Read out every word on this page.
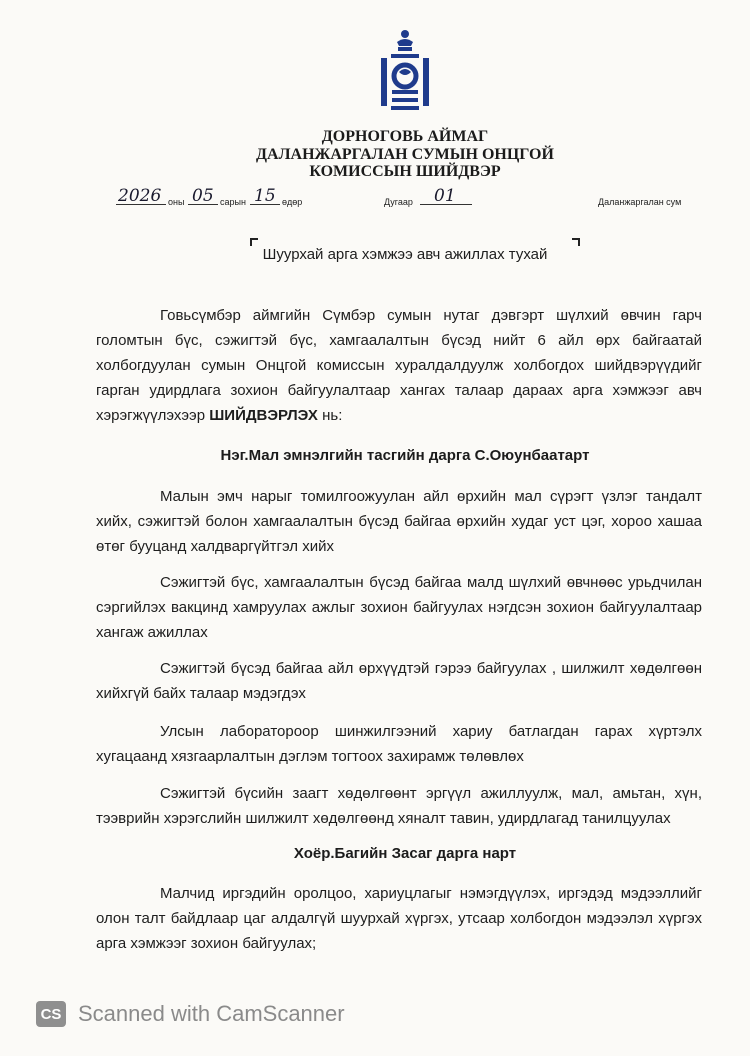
ДОРНОГОВЬ АЙМАГ
ДАЛАНЖАРГАЛАН СУМЫН ОНЦГОЙ
КОМИССЫН ШИЙДВЭР
2026 оны 05 сарын 15 өдөр	Дугаар 01	Даланжаргалан сум
Шуурхай арга хэмжээ авч ажиллах тухай

Говьсүмбэр аймгийн Сүмбэр сумын нутаг дэвгэрт шүлхий өвчин гарч голомтын бүс, сэжигтэй бүс, хамгаалалтын бүсэд нийт 6 айл өрх байгаатай холбогдуулан сумын Онцгой комиссын хуралдалдуулж холбогдох шийдвэрүүдийг гарган удирдлага зохион байгуулалтаар хангах талаар дараах арга хэмжээг авч хэрэгжүүлэхээр ШИЙДВЭРЛЭХ нь:

Нэг.Мал эмнэлгийн тасгийн дарга С.Оюунбаатарт

Малын эмч нарыг томилгоожуулан айл өрхийн мал сүрэгт үзлэг тандалт хийх, сэжигтэй болон хамгаалалтын бүсэд байгаа өрхийн худаг уст цэг, хороо хашаа өтөг бууцанд халдваргүйтгэл хийх

Сэжигтэй бүс, хамгаалалтын бүсэд байгаа малд шүлхий өвчнөөс урьдчилан сэргийлэх вакцинд хамруулах ажлыг зохион байгуулах нэгдсэн зохион байгуулалтаар хангаж ажиллах

Сэжигтэй бүсэд байгаа айл өрхүүдтэй гэрээ байгуулах , шилжилт хөдөлгөөн хийхгүй байх талаар мэдэгдэх

Улсын лабораторoор шинжилгээний хариу батлагдан гарах хүртэлх хугацаанд хязгаарлалтын дэглэм тогтоох захирамж төлөвлөх

Сэжигтэй бүсийн заагт хөдөлгөөнт эргүүл ажиллуулж, мал, амьтан, хүн, тээврийн хэрэгслийн шилжилт хөдөлгөөнд хяналт тавин, удирдлагад танилцуулах

Хоёр.Багийн Засаг дарга нарт

Малчид иргэдийн оролцоо, хариуцлагыг нэмэгдүүлэх, иргэдэд мэдээллийг олон талт байдлаар цаг алдалгүй шуурхай хүргэх, утсаар холбогдон мэдээлэл хүргэх арга хэмжээг зохион байгуулах;

CS Scanned with CamScanner
